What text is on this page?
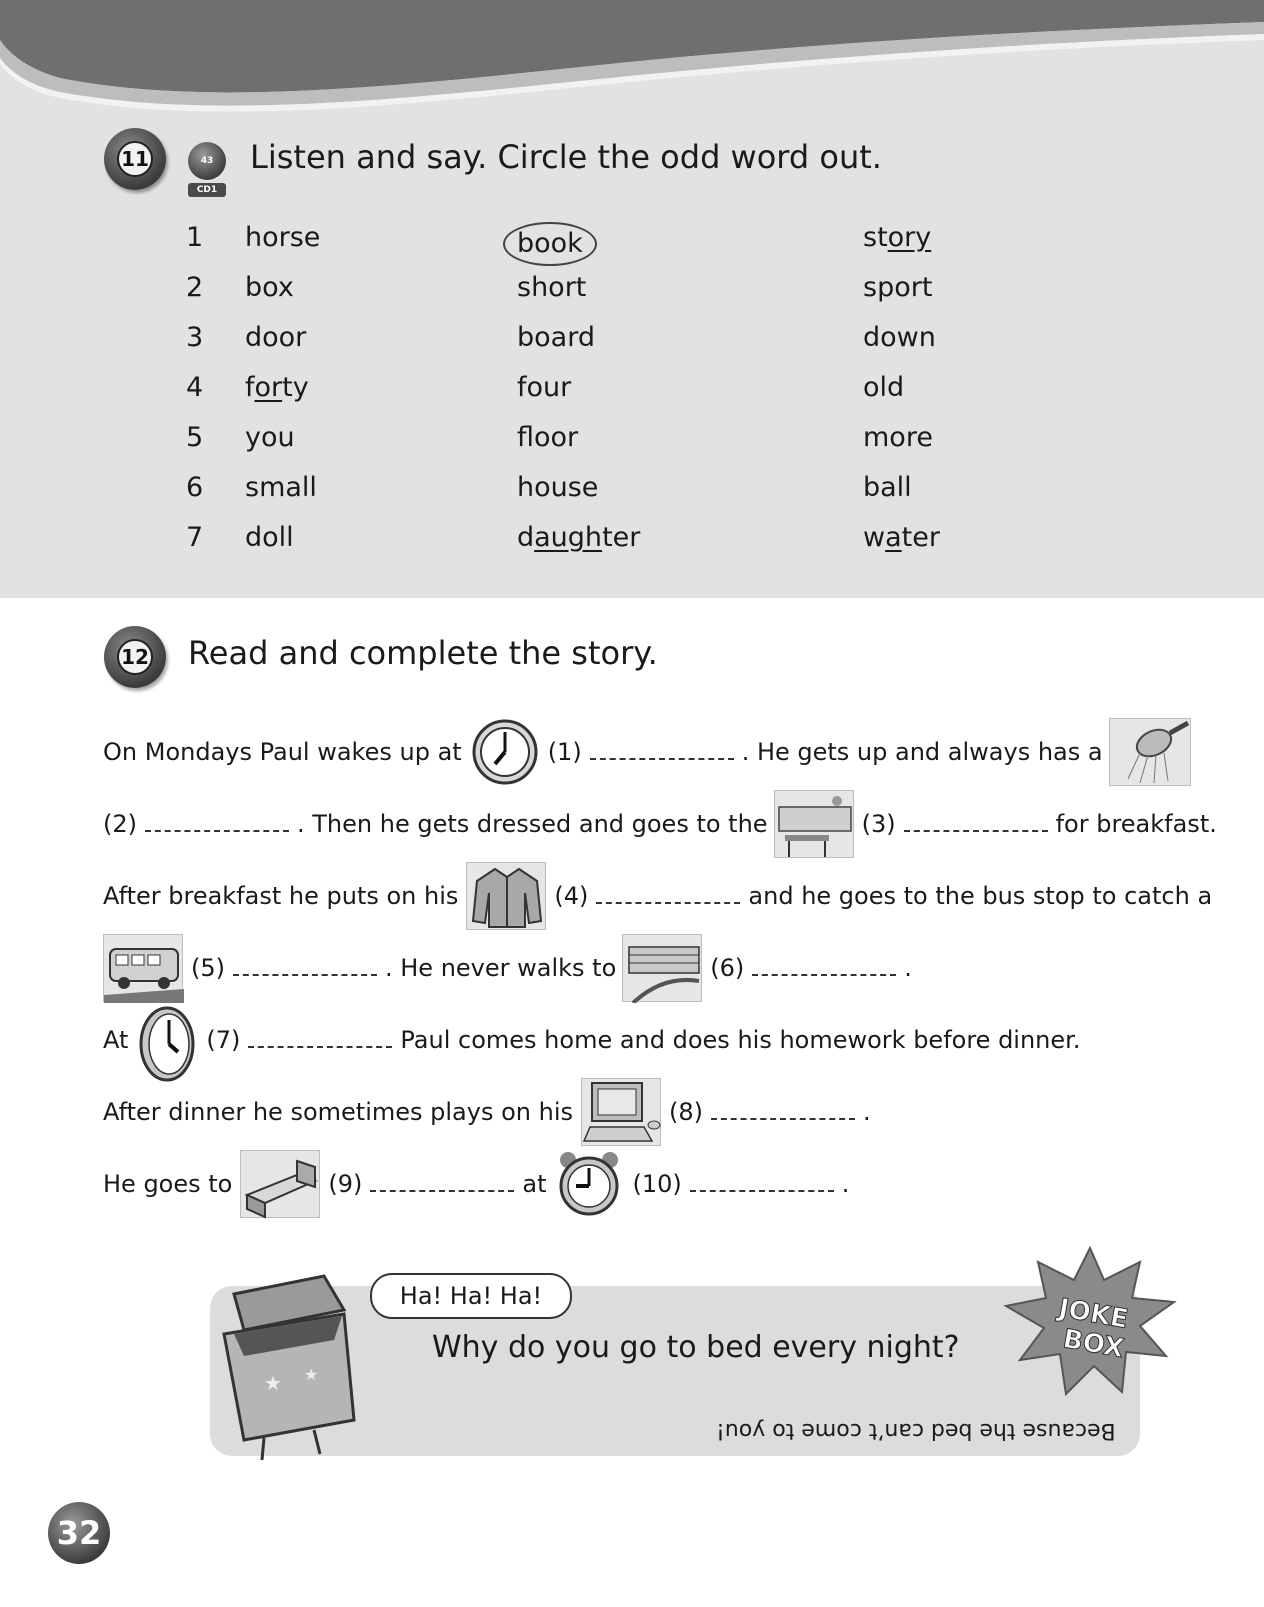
11	43
CD1
Listen and say. Circle the odd word out.
1 horse	book	story
2 box	short	sport
3 door	board	down
4 forty	four	old
5 you	floor	more
6 small	house	ball
7 doll	daughter	water
12 Read and complete the story.
On Mondays Paul wakes up at

	(1)	. He gets up and always has a

(2)	. Then he gets dressed and goes to the

	(3)	for breakfast.
After breakfast he puts on his

	(4)	and he goes to the bus stop to catch a

(5)	. He never walks to

	(6)	.
At

	(7)	Paul comes home and does his homework before dinner.
After dinner he sometimes plays on his

	(8)	.
He goes to

	(9)	at

	(10)	.
★ ★
Ha! Ha! Ha!
Why do you go to bed every night?
Because the bed can’t come to you!
JOKE
BOX
32
